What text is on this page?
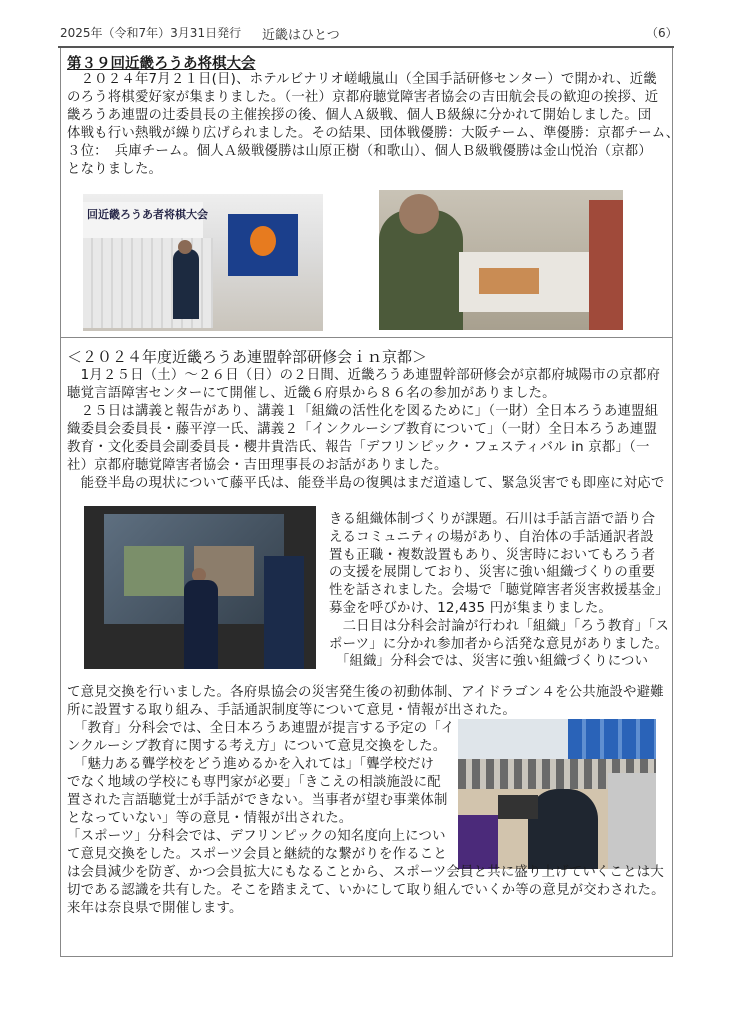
2025年（令和7年）3月31日発行 近畿はひとつ	（6）
第３９回近畿ろうあ将棋大会
回近畿ろうあ者将棋大会
　２０２４年7月２１日(日)、ホテルビナリオ嵯峨嵐山（全国手話研修センター）で開かれ、近畿
のろう将棋愛好家が集まりました。（一社）京都府聴覚障害者協会の吉田航会長の歓迎の挨拶、近
畿ろうあ連盟の辻委員長の主催挨拶の後、個人Ａ級戦、個人Ｂ級線に分かれて開始しました。団
体戦も行い熱戦が繰り広げられました。その結果、団体戦優勝：大阪チーム、準優勝：京都チーム、
３位：　兵庫チーム。個人Ａ級戦優勝は山原正樹（和歌山）、個人Ｂ級戦優勝は金山悦治（京都）
となりました。
＜２０２４年度近畿ろうあ連盟幹部研修会ｉｎ京都＞
　1月２５日（土）～２６日（日）の２日間、近畿ろうあ連盟幹部研修会が京都府城陽市の京都府
聴覚言語障害センターにて開催し、近畿６府県から８６名の参加がありました。
　２５日は講義と報告があり、講義１「組織の活性化を図るために」（一財）全日本ろうあ連盟組
織委員会委員長・藤平淳一氏、講義２「インクルーシブ教育について」（一財）全日本ろうあ連盟
教育・文化委員会副委員長・櫻井貴浩氏、報告「デフリンピック・フェスティバル in 京都」（一
社）京都府聴覚障害者協会・吉田理事長のお話がありました。
　能登半島の現状について藤平氏は、能登半島の復興はまだ道遠して、緊急災害でも即座に対応で
きる組織体制づくりが課題。石川は手話言語で語り合
えるコミュニティの場があり、自治体の手話通訳者設
置も正職・複数設置もあり、災害時においてもろう者
の支援を展開しており、災害に強い組織づくりの重要
性を話されました。会場で「聴覚障害者災害救援基金」
募金を呼びかけ、12,435 円が集まりました。
　二日目は分科会討論が行われ「組織」「ろう教育」「ス
ポーツ」に分かれ参加者から活発な意見がありました。
　「組織」分科会では、災害に強い組織づくりについ
て意見交換を行いました。各府県協会の災害発生後の初動体制、アイドラゴン４を公共施設や避難
所に設置する取り組み、手話通訳制度等について意見・情報が出された。
　「教育」分科会では、全日本ろうあ連盟が提言する予定の「イ
ンクルーシブ教育に関する考え方」について意見交換をした。
　「魅力ある聾学校をどう進めるかを入れては」「聾学校だけ
でなく地域の学校にも専門家が必要」「きこえの相談施設に配
置された言語聴覚士が手話ができない。当事者が望む事業体制
となっていない」等の意見・情報が出された。
「スポーツ」分科会では、デフリンピックの知名度向上につい
て意見交換をした。スポーツ会員と継続的な繋がりを作ること
は会員減少を防ぎ、かつ会員拡大にもなることから、スポーツ会員と共に盛り上げていくことは大
切である認識を共有した。そこを踏まえて、いかにして取り組んでいくか等の意見が交わされた。
来年は奈良県で開催します。
